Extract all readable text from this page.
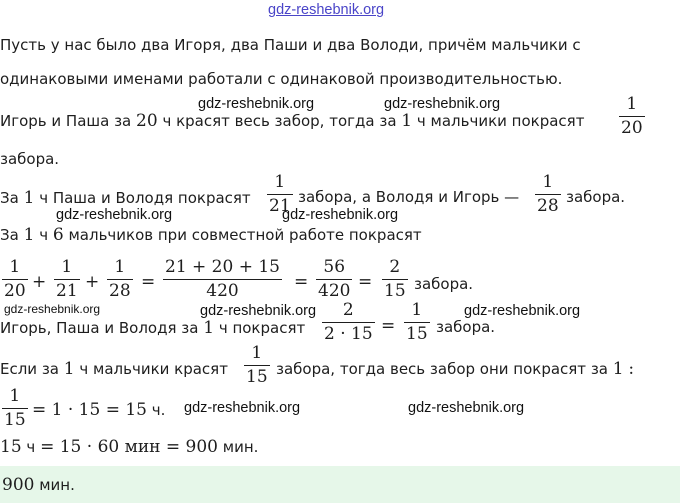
gdz-reshebnik.org
Пусть у нас было два Игоря, два Паши и два Володи, причём мальчики с
одинаковыми именами работали с одинаковой производительностью.
Игорь и Паша за 20 ч красят весь забор, тогда за 1 ч мальчики покрасят
1
20
забора.
За 1 ч Паша и Володя покрасят
1
21 забора, а Володя и Игорь —
1
28 забора.
За 1 ч 6 мальчиков при совместной работе покрасят
1
20 +
1
21 +
1
28 =
21 + 20 + 15
420	=
56
420 =
2
15 забора.
Игорь, Паша и Володя за 1 ч покрасят
2
2 · 15 =
1
15 забора.
Если за 1 ч мальчики красят
1
15 забора, тогда весь забор они покрасят за 1 :
1
15 = 1 · 15 = 15 ч.
15 ч = 15 · 60 мин = 900 мин.
900 мин.
gdz-reshebnik.org	gdz-reshebnik.org
gdz-reshebnik.org	gdz-reshebnik.org
gdz-reshebnik.org	gdz-reshebnik.org	gdz-reshebnik.org
gdz-reshebnik.org	gdz-reshebnik.org
